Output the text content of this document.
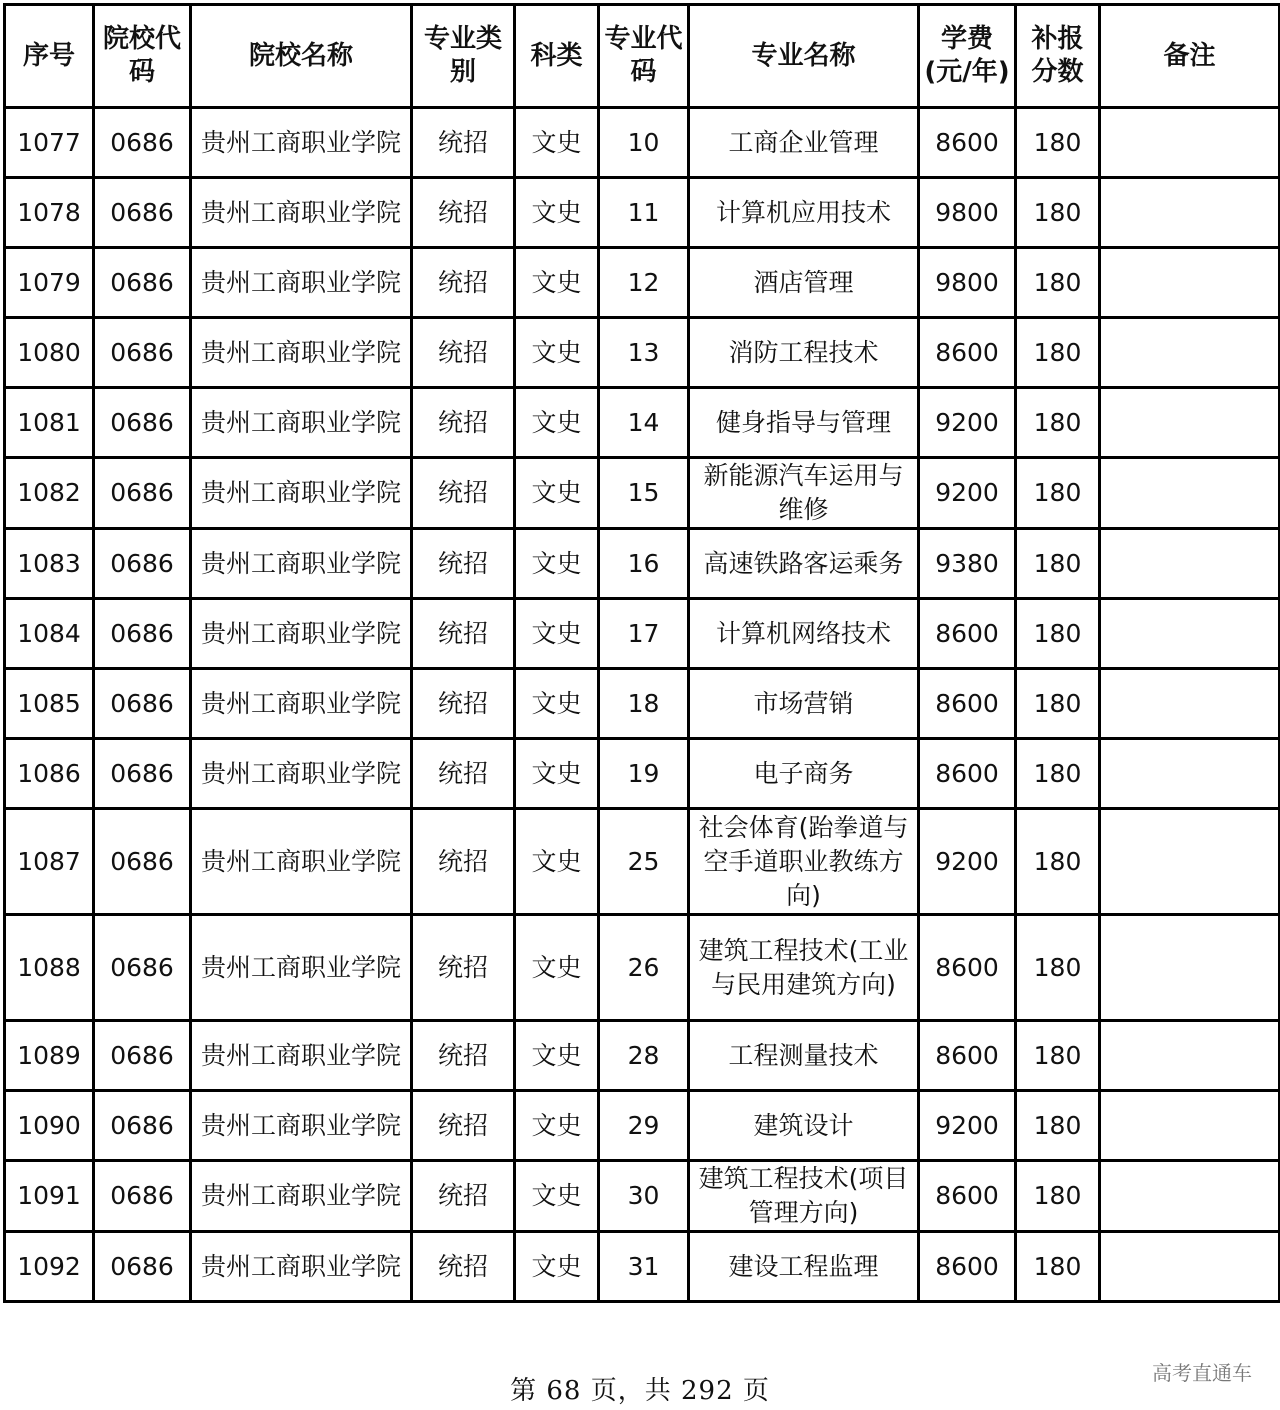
序号	院校代码	院校名称	专业类别	科类	专业代码	专业名称	学费(元/年)	补报分数	备注
1077	0686	贵州工商职业学院	统招	文史	10	工商企业管理	8600	180	
1078	0686	贵州工商职业学院	统招	文史	11	计算机应用技术	9800	180	
1079	0686	贵州工商职业学院	统招	文史	12	酒店管理	9800	180	
1080	0686	贵州工商职业学院	统招	文史	13	消防工程技术	8600	180	
1081	0686	贵州工商职业学院	统招	文史	14	健身指导与管理	9200	180	
1082	0686	贵州工商职业学院	统招	文史	15	新能源汽车运用与维修	9200	180	
1083	0686	贵州工商职业学院	统招	文史	16	高速铁路客运乘务	9380	180	
1084	0686	贵州工商职业学院	统招	文史	17	计算机网络技术	8600	180	
1085	0686	贵州工商职业学院	统招	文史	18	市场营销	8600	180	
1086	0686	贵州工商职业学院	统招	文史	19	电子商务	8600	180	
1087	0686	贵州工商职业学院	统招	文史	25	社会体育(跆拳道与空手道职业教练方向)	9200	180	
1088	0686	贵州工商职业学院	统招	文史	26	建筑工程技术(工业与民用建筑方向)	8600	180	
1089	0686	贵州工商职业学院	统招	文史	28	工程测量技术	8600	180	
1090	0686	贵州工商职业学院	统招	文史	29	建筑设计	9200	180	
1091	0686	贵州工商职业学院	统招	文史	30	建筑工程技术(项目管理方向)	8600	180	
1092	0686	贵州工商职业学院	统招	文史	31	建设工程监理	8600	180	
第 68 页，共 292 页
高考直通车
